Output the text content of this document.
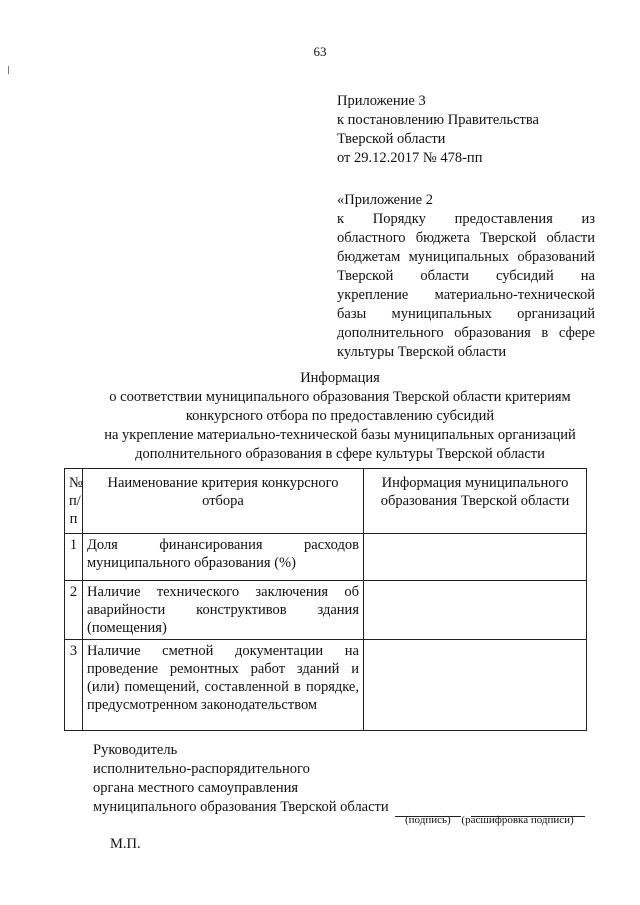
63

Приложение 3

к постановлению Правительства

Тверской области

от 29.12.2017 № 478-пп

«Приложение 2

к Порядку предоставления из

областного бюджета Тверской области

бюджетам муниципальных образований

Тверской области субсидий на

укрепление материально-технической

базы муниципальных организаций

дополнительного образования в сфере

культуры Тверской области

Информация

о соответствии муниципального образования Тверской области критериям

конкурсного отбора по предоставлению субсидий

на укрепление материально-технической базы муниципальных организаций

дополнительного образования в сфере культуры Тверской области

№ п/п	Наименование критерия конкурсного отбора	Информация муниципального образования Тверской области
1	Доля финансирования расходов муниципального образования (%)	
2	Наличие технического заключения об аварийности конструктивов здания (помещения)	
3	Наличие сметной документации на проведение ремонтных работ зданий и (или) помещений, составленной в порядке, предусмотренном законодательством	

Руководитель

исполнительно-распорядительного

органа местного самоуправления

муниципального образования Тверской области

(подпись) (расшифровка подписи)
М.П.
